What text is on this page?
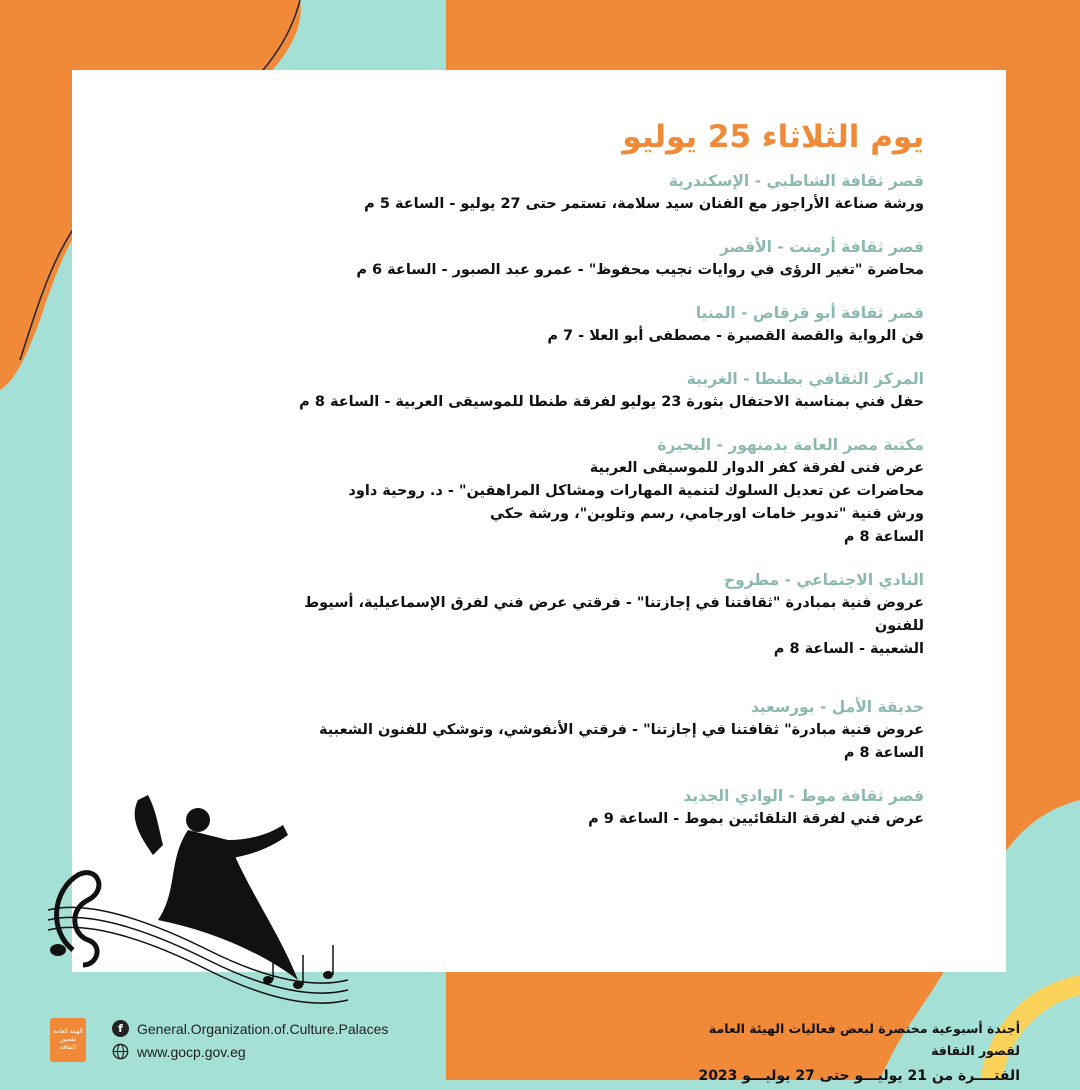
يوم الثلاثاء 25 يوليو
قصر ثقافة الشاطبي - الإسكندرية
ورشة صناعة الأراجوز مع الفنان سيد سلامة، تستمر حتى 27 يوليو - الساعة 5 م
قصر ثقافة أرمنت - الأقصر
محاضرة "تغير الرؤى في روايات نجيب محفوظ" - عمرو عبد الصبور - الساعة 6 م
قصر ثقافة أبو قرقاص - المنيا
فن الرواية والقصة القصيرة - مصطفى أبو العلا - 7 م
المركز الثقافي بطنطا - الغربية
حفل فني بمناسبة الاحتفال بثورة 23 يوليو لفرقة طنطا للموسيقى العربية - الساعة 8 م
مكتبة مصر العامة بدمنهور - البحيرة
عرض فنى لفرقة كفر الدوار للموسيقى العربية
محاضرات عن تعديل السلوك لتنمية المهارات ومشاكل المراهقين" - د. روحية داود
ورش فنية "تدوير خامات اورجامي، رسم وتلوين"، ورشة حكي
الساعة 8 م
النادي الاجتماعي - مطروح
عروض فنية بمبادرة "ثقافتنا في إجازتنا" - فرقتي عرض فني لفرق الإسماعيلية، أسيوط للفنون
الشعبية - الساعة 8 م
حديقة الأمل - بورسعيد
عروض فنية مبادرة" ثقافتنا في إجازتنا" - فرقتي الأنفوشي، وتوشكي للفنون الشعبية
الساعة 8 م
قصر ثقافة موط - الوادي الجديد
عرض فني لفرقة التلقائيين بموط - الساعة 9 م
أجندة أسبوعية مختصرة لبعض فعاليات الهيئة العامة لقصور الثقافة
الفتــــرة من 21 يوليـــو حتى 27 يوليـــو 2023
الهيئة العامة لقصور الثقافة
f	General.Organization.of.Culture.Palaces
www.gocp.gov.eg
